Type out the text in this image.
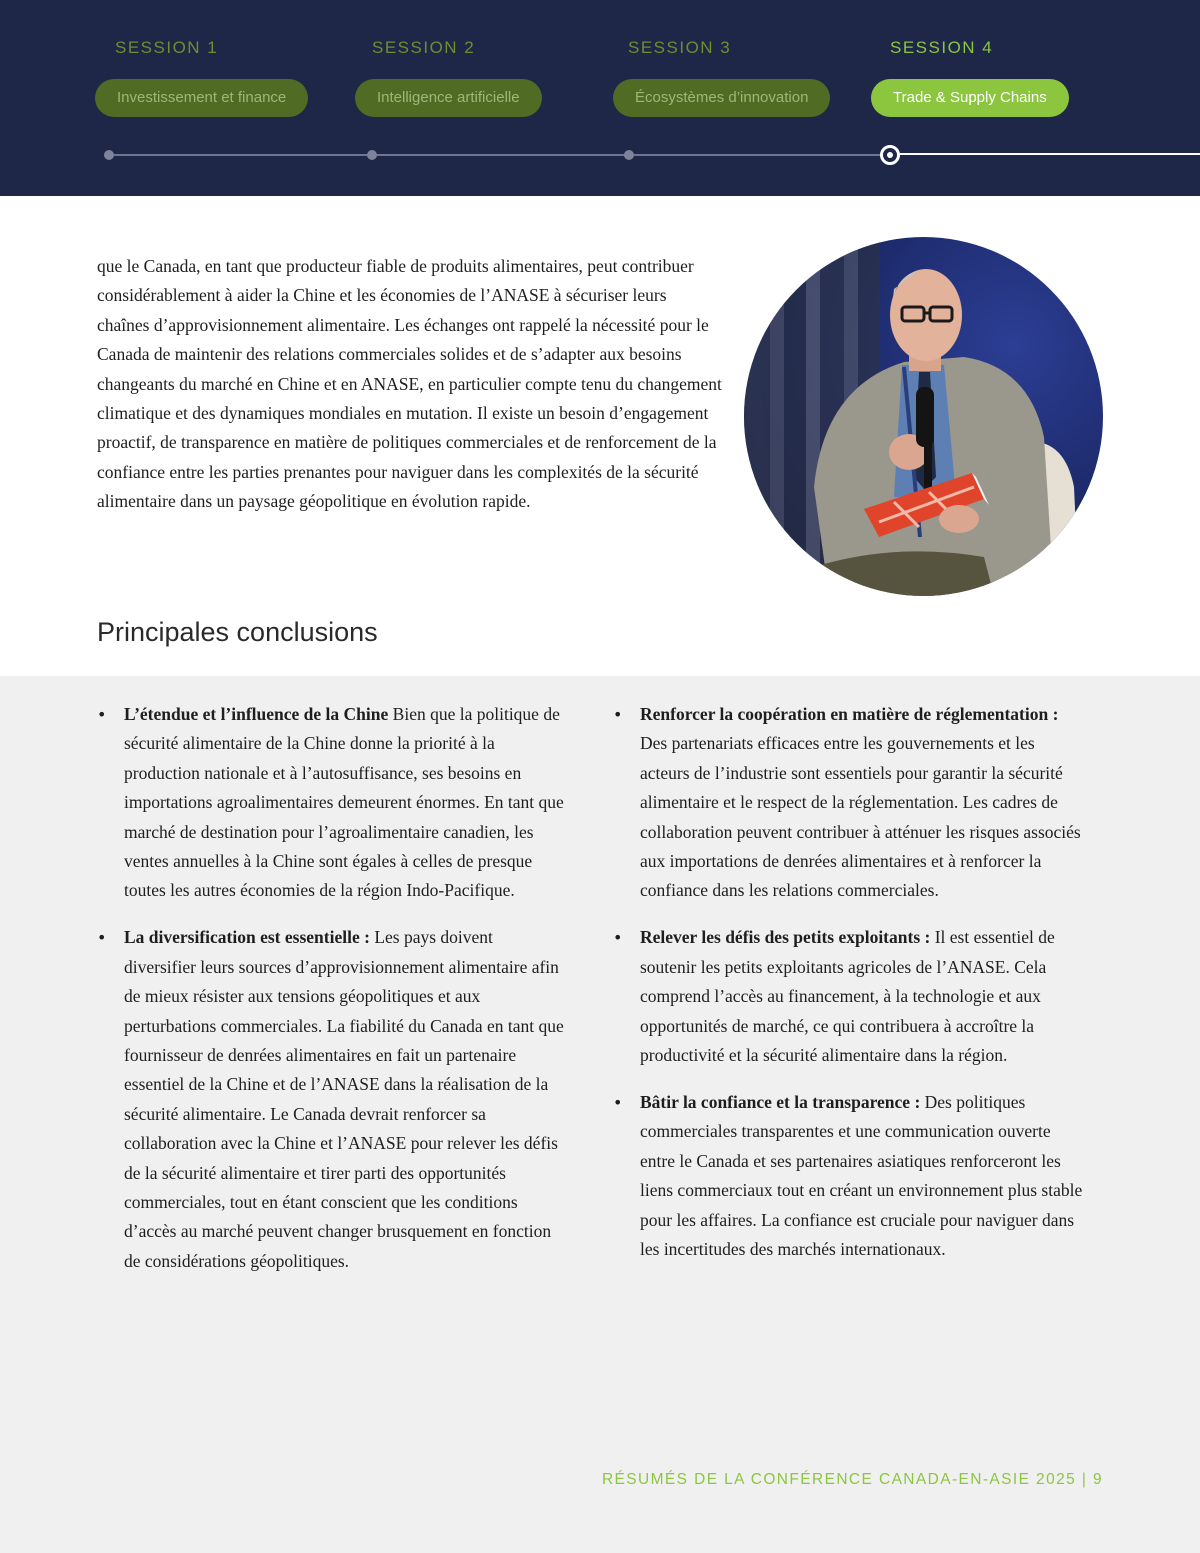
SESSION 1
Investissement et finance
SESSION 2
Intelligence artificielle
SESSION 3
Écosystèmes d’innovation
SESSION 4
Trade & Supply Chains

que le Canada, en tant que producteur fiable de produits alimentaires, peut contribuer considérablement à aider la Chine et les économies de l’ANASE à sécuriser leurs chaînes d’approvisionnement alimentaire. Les échanges ont rappelé la nécessité pour le Canada de maintenir des relations commerciales solides et de s’adapter aux besoins changeants du marché en Chine et en ANASE, en particulier compte tenu du changement climatique et des dynamiques mondiales en mutation. Il existe un besoin d’engagement proactif, de transparence en matière de politiques commerciales et de renforcement de la confiance entre les parties prenantes pour naviguer dans les complexités de la sécurité alimentaire dans un paysage géopolitique en évolution rapide.

Principales conclusions
• L’étendue et l’influence de la Chine Bien que la politique de sécurité alimentaire de la Chine donne la priorité à la production nationale et à l’autosuffisance, ses besoins en importations agroalimentaires demeurent énormes. En tant que marché de destination pour l’agroalimentaire canadien, les ventes annuelles à la Chine sont égales à celles de presque toutes les autres économies de la région Indo-Pacifique.
• La diversification est essentielle : Les pays doivent diversifier leurs sources d’approvisionnement alimentaire afin de mieux résister aux tensions géopolitiques et aux perturbations commerciales. La fiabilité du Canada en tant que fournisseur de denrées alimentaires en fait un partenaire essentiel de la Chine et de l’ANASE dans la réalisation de la sécurité alimentaire. Le Canada devrait renforcer sa collaboration avec la Chine et l’ANASE pour relever les défis de la sécurité alimentaire et tirer parti des opportunités commerciales, tout en étant conscient que les conditions d’accès au marché peuvent changer brusquement en fonction de considérations géopolitiques.
• Renforcer la coopération en matière de réglementation : Des partenariats efficaces entre les gouvernements et les acteurs de l’industrie sont essentiels pour garantir la sécurité alimentaire et le respect de la réglementation. Les cadres de collaboration peuvent contribuer à atténuer les risques associés aux importations de denrées alimentaires et à renforcer la confiance dans les relations commerciales.
• Relever les défis des petits exploitants : Il est essentiel de soutenir les petits exploitants agricoles de l’ANASE. Cela comprend l’accès au financement, à la technologie et aux opportunités de marché, ce qui contribuera à accroître la productivité et la sécurité alimentaire dans la région.
• Bâtir la confiance et la transparence : Des politiques commerciales transparentes et une communication ouverte entre le Canada et ses partenaires asiatiques renforceront les liens commerciaux tout en créant un environnement plus stable pour les affaires. La confiance est cruciale pour naviguer dans les incertitudes des marchés internationaux.
RÉSUMÉS DE LA CONFÉRENCE CANADA-EN-ASIE 2025 | 9
